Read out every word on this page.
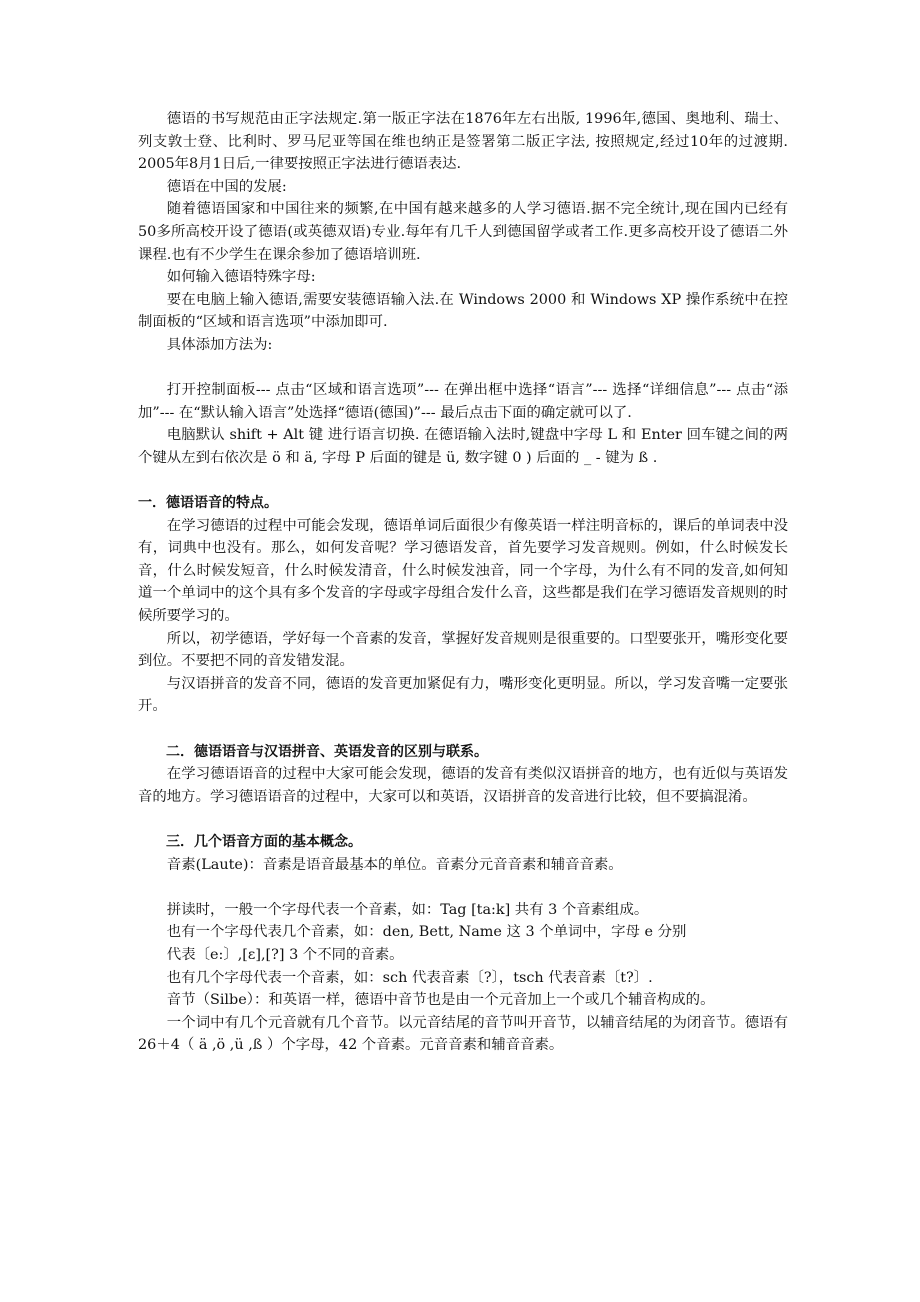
德语的书写规范由正字法规定.第一版正字法在1876年左右出版, 1996年,德国、奥地利、瑞士、列支敦士登、比利时、罗马尼亚等国在维也纳正是签署第二版正字法, 按照规定,经过10年的过渡期. 2005年8月1日后,一律要按照正字法进行德语表达.

德语在中国的发展:

随着德语国家和中国往来的频繁,在中国有越来越多的人学习德语.据不完全统计,现在国内已经有50多所高校开设了德语(或英德双语)专业.每年有几千人到德国留学或者工作.更多高校开设了德语二外课程.也有不少学生在课余参加了德语培训班.

如何输入德语特殊字母:

要在电脑上输入德语,需要安装德语输入法.在 Windows 2000 和 Windows XP 操作系统中在控制面板的“区域和语言选项”中添加即可.

具体添加方法为:

打开控制面板--- 点击“区域和语言选项”--- 在弹出框中选择“语言”--- 选择“详细信息”--- 点击“添加”--- 在“默认输入语言”处选择“德语(德国)”--- 最后点击下面的确定就可以了.

电脑默认 shift + Alt 键 进行语言切换. 在德语输入法时,键盘中字母 L 和 Enter 回车键之间的两个键从左到右依次是 ö 和 ä, 字母 P 后面的键是 ü, 数字键 0 ) 后面的 _ - 键为 ß .

一．德语语音的特点。

在学习德语的过程中可能会发现，德语单词后面很少有像英语一样注明音标的，课后的单词表中没有，词典中也没有。那么，如何发音呢？学习德语发音，首先要学习发音规则。例如，什么时候发长音，什么时候发短音，什么时候发清音，什么时候发浊音，同一个字母，为什么有不同的发音,如何知道一个单词中的这个具有多个发音的字母或字母组合发什么音，这些都是我们在学习德语发音规则的时候所要学习的。

所以，初学德语，学好每一个音素的发音，掌握好发音规则是很重要的。口型要张开，嘴形变化要到位。不要把不同的音发错发混。

与汉语拼音的发音不同，德语的发音更加紧促有力，嘴形变化更明显。所以，学习发音嘴一定要张开。

二．德语语音与汉语拼音、英语发音的区别与联系。

在学习德语语音的过程中大家可能会发现，德语的发音有类似汉语拼音的地方，也有近似与英语发音的地方。学习德语语音的过程中，大家可以和英语，汉语拼音的发音进行比较，但不要搞混淆。

三．几个语音方面的基本概念。

音素(Laute)：音素是语音最基本的单位。音素分元音音素和辅音音素。

拼读时，一般一个字母代表一个音素，如：Tag [ta:k] 共有 3 个音素组成。

也有一个字母代表几个音素，如：den, Bett, Name 这 3 个单词中，字母 e 分别

代表〔e:〕,[ɛ],[?] 3 个不同的音素。

也有几个字母代表一个音素，如：sch 代表音素〔?〕，tsch 代表音素〔t?〕.

音节（Silbe）：和英语一样，德语中音节也是由一个元音加上一个或几个辅音构成的。

一个词中有几个元音就有几个音节。以元音结尾的音节叫开音节，以辅音结尾的为闭音节。德语有 26＋4（ ä ,ö ,ü ,ß ）个字母，42 个音素。元音音素和辅音音素。
